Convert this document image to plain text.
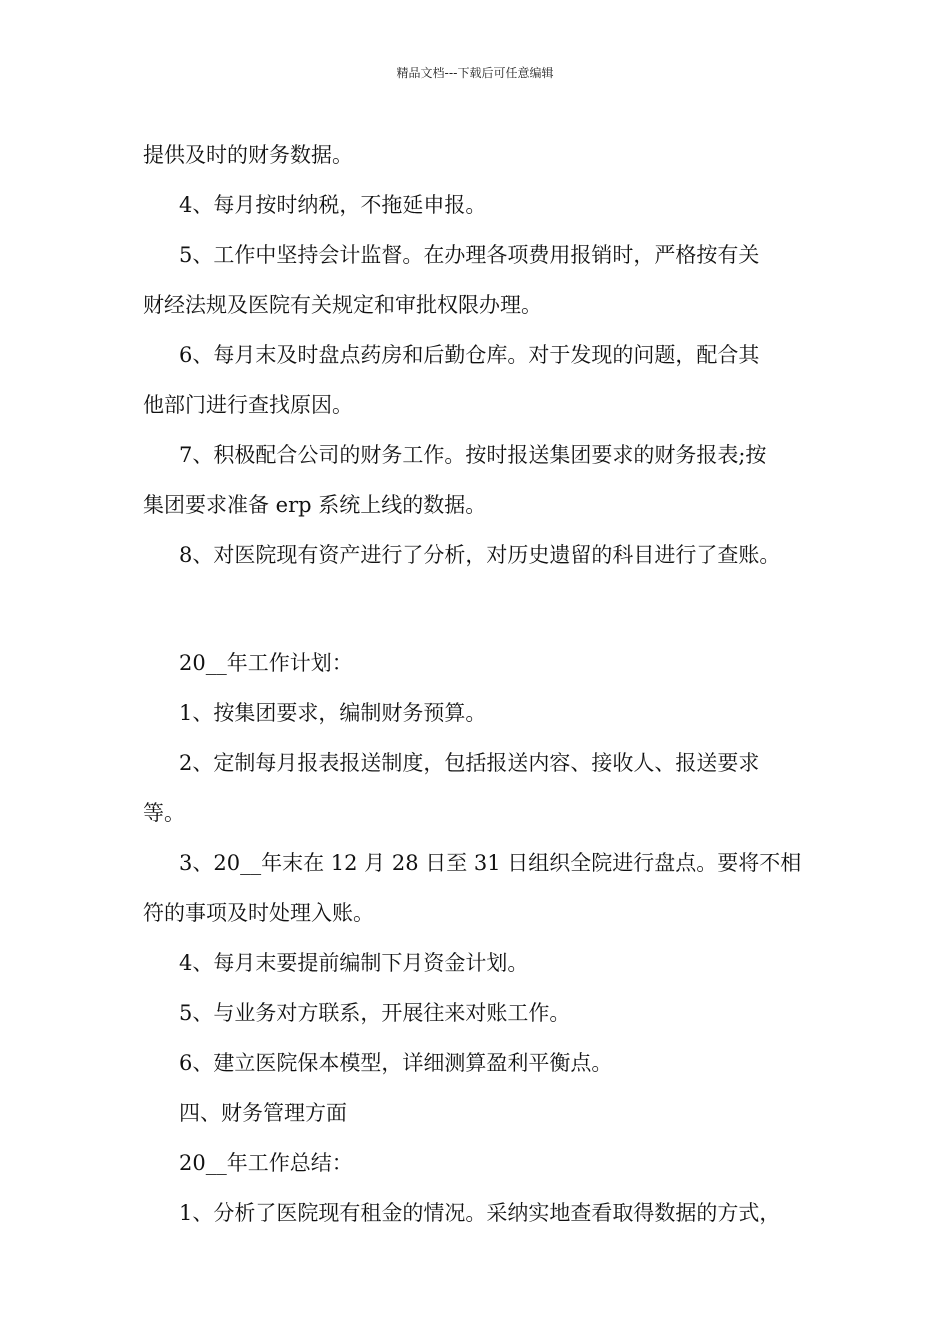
精品文档---下载后可任意编辑

提供及时的财务数据。

4、每月按时纳税，不拖延申报。

5、工作中坚持会计监督。在办理各项费用报销时，严格按有关

财经法规及医院有关规定和审批权限办理。

6、每月末及时盘点药房和后勤仓库。对于发现的问题，配合其

他部门进行查找原因。

7、积极配合公司的财务工作。按时报送集团要求的财务报表;按

集团要求准备 erp 系统上线的数据。

8、对医院现有资产进行了分析，对历史遗留的科目进行了查账。

20__年工作计划：

1、按集团要求，编制财务预算。

2、定制每月报表报送制度，包括报送内容、接收人、报送要求

等。

3、20__年末在 12 月 28 日至 31 日组织全院进行盘点。要将不相

符的事项及时处理入账。

4、每月末要提前编制下月资金计划。

5、与业务对方联系，开展往来对账工作。

6、建立医院保本模型，详细测算盈利平衡点。

四、财务管理方面

20__年工作总结：

1、分析了医院现有租金的情况。采纳实地查看取得数据的方式，
